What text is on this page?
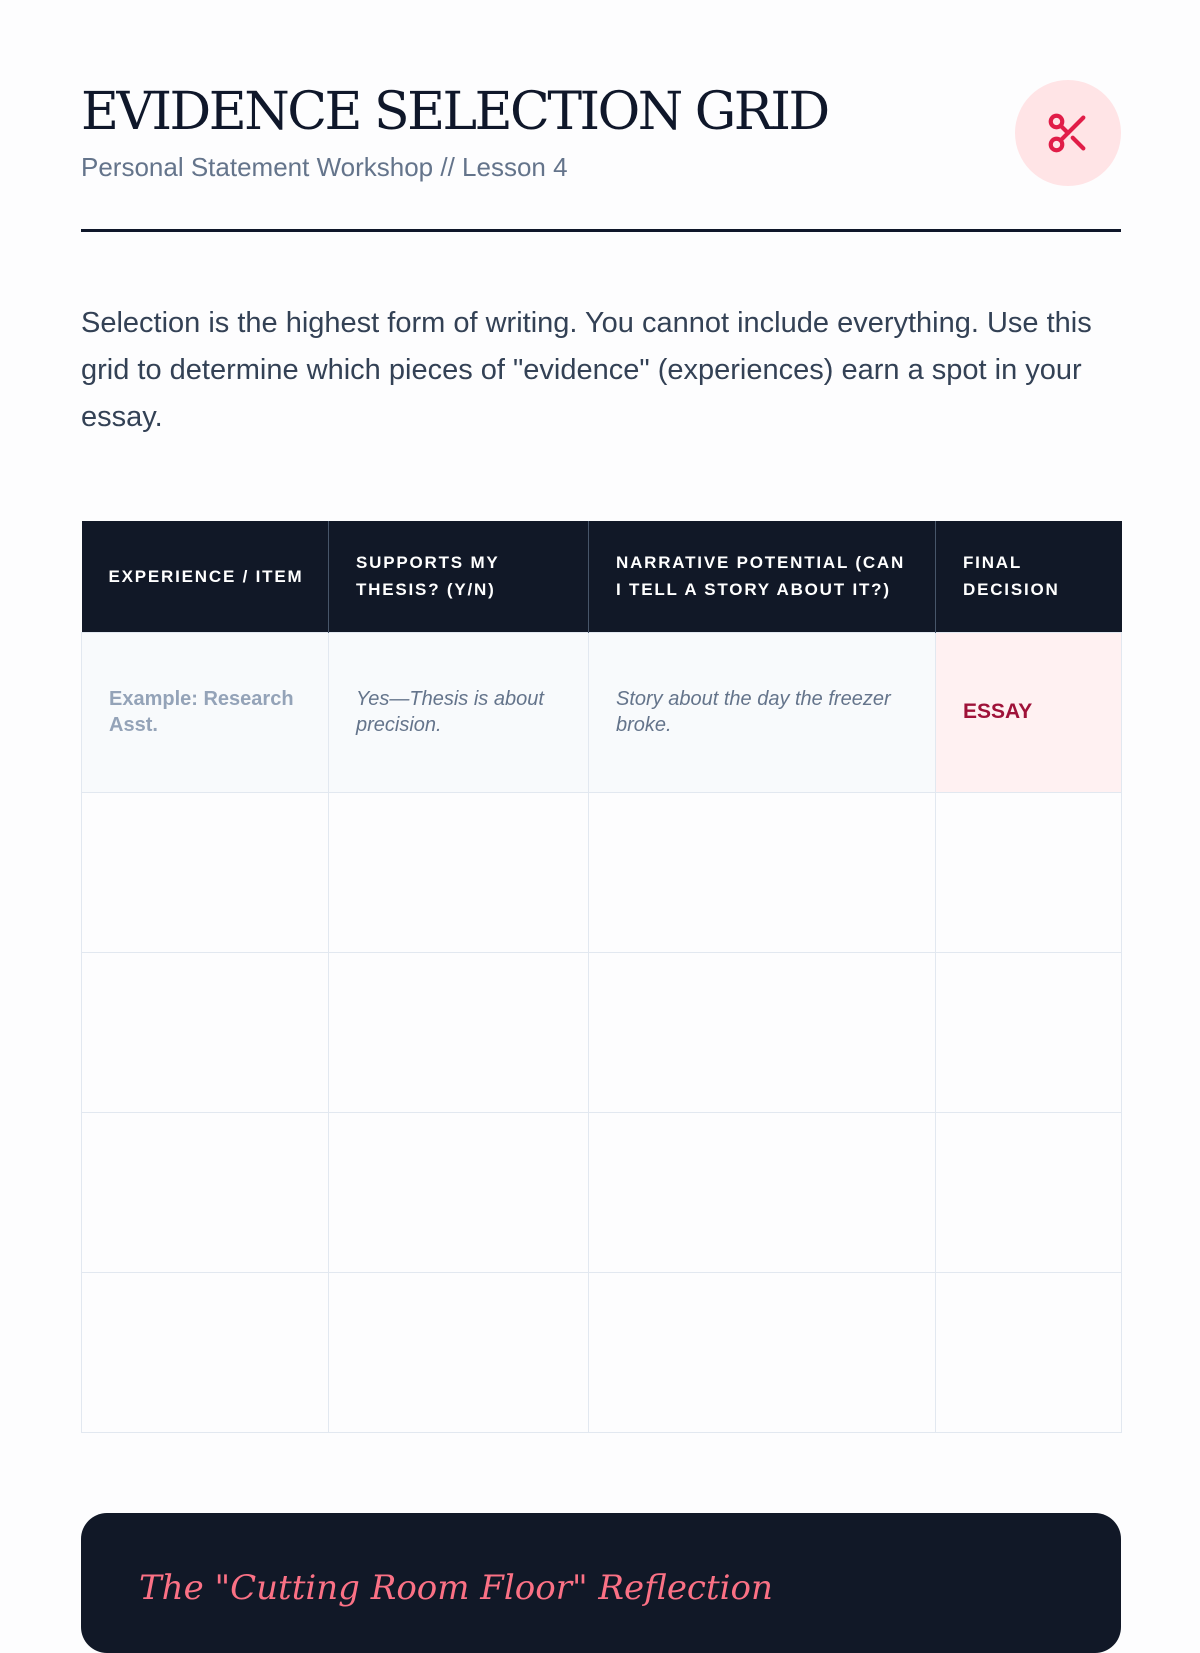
EVIDENCE SELECTION GRID
Personal Statement Workshop // Lesson 4

Selection is the highest form of writing. You cannot include everything. Use this grid to determine which pieces of "evidence" (experiences) earn a spot in your essay.

EXPERIENCE / ITEM	SUPPORTS MY THESIS? (Y/N)	NARRATIVE POTENTIAL (CAN I TELL A STORY ABOUT IT?)	FINAL DECISION
Example: Research Asst.	Yes—Thesis is about precision.	Story about the day the freezer broke.	ESSAY

The "Cutting Room Floor" Reflection
